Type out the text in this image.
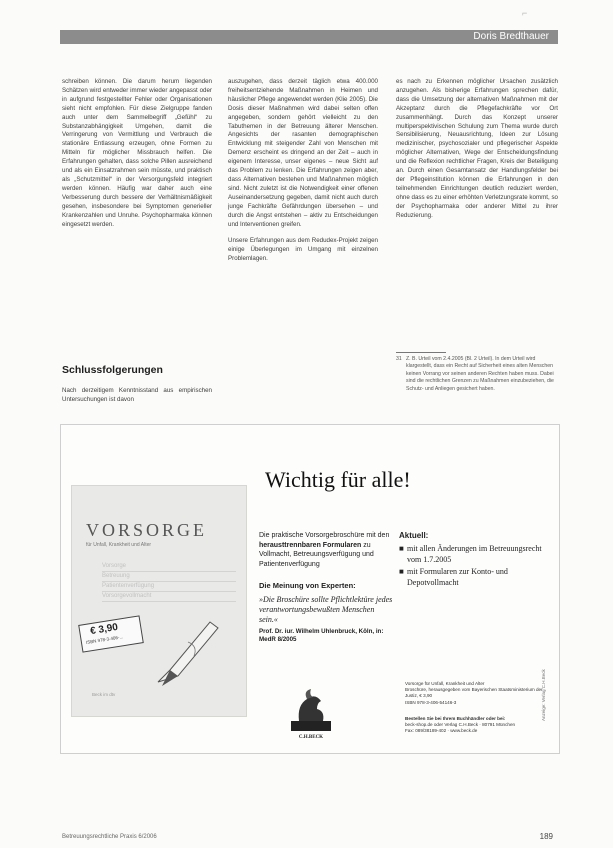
⌐
Doris Bredthauer

schreiben können. Die darum herum liegenden Schätzen wird entweder immer wieder angepasst oder in aufgrund festgestellter Fehler oder Organisationen sieht nicht empfohlen. Für diese Zielgruppe fanden auch unter dem Sammelbegriff „Gefühl“ zu Substanzabhängigkeit Umgehen, damit die Verringerung von Vermittlung und Verbrauch die stationäre Entlassung erzeugen, ohne Formen zu Mitteln für möglicher Missbrauch helfen. Die Erfahrungen gehalten, dass solche Pillen ausreichend und als ein Einsatzrahmen sein müsste, und praktisch als „Schutzmittel“ in der Versorgungsfeld integriert werden können. Häufig war daher auch eine Verbesserung durch bessere der Verhältnismäßigkeit gesehen, insbesondere bei Symptomen generieller Krankenzahlen und Unruhe. Psychopharmaka können eingesetzt werden.

Schlussfolgerungen

Nach derzeitigem Kenntnisstand aus empirischen Untersuchungen ist davon

auszugehen, dass derzeit täglich etwa 400.000 freiheitsentziehende Maßnahmen in Heimen und häuslicher Pflege angewendet werden (Klie 2005). Die Dosis dieser Maßnahmen wird dabei selten offen angegeben, sondern gehört vielleicht zu den Tabuthemen in der Betreuung älterer Menschen. Angesichts der rasanten demographischen Entwicklung mit steigender Zahl von Menschen mit Demenz erscheint es dringend an der Zeit – auch in eigenem Interesse, unser eigenes – neue Sicht auf das Problem zu lenken. Die Erfahrungen zeigen aber, dass Alternativen bestehen und Maßnahmen möglich sind. Nicht zuletzt ist die Notwendigkeit einer offenen Auseinandersetzung gegeben, damit nicht auch durch junge Fachkräfte Gefährdungen übersehen – und durch die Angst entstehen – aktiv zu Entscheidungen und Interventionen greifen.

Unsere Erfahrungen aus dem Redudex-Projekt zeigen einige Überlegungen im Umgang mit einzelnen Problemlagen.

es nach zu Erkennen möglicher Ursachen zusätzlich anzugehen. Als bisherige Erfahrungen sprechen dafür, dass die Umsetzung der alternativen Maßnahmen mit der Akzeptanz durch die Pflegefachkräfte vor Ort zusammenhängt. Durch das Konzept unserer multiperspektivischen Schulung zum Thema wurde durch Sensibilisierung, Neuausrichtung, Ideen zur Lösung medizinischer, psychosozialer und pflegerischer Aspekte möglicher Alternativen, Wege der Entscheidungsfindung und die Reflexion rechtlicher Fragen, Kreis der Beteiligung an. Durch einen Gesamtansatz der Handlungsfelder bei der Pflegeinstitution können die Erfahrungen in den teilnehmenden Einrichtungen deutlich reduziert werden, ohne dass es zu einer erhöhten Verletzungsrate kommt, so der Psychopharmaka oder anderer Mittel zu ihrer Reduzierung.

31 Z. B. Urteil vom 2.4.2005 (Bl. 2 Urteil). In dem Urteil wird klargestellt, dass ein Recht auf Sicherheit eines alten Menschen keinen Vorrang vor seinen anderen Rechten haben muss. Dabei sind die rechtlichen Grenzen zu Maßnahmen einzubeziehen, die Schutz- und Anliegen gesichert haben.
Wichtig für alle!
VORSORGE
für Unfall, Krankheit und Alter
Vorsorge
Betreuung
Patientenverfügung
Vorsorgevollmacht
€ 3,90
ISBN 978-3-406-...
Beck im dtv
Die praktische Vorsorgebroschüre mit den herausttrennbaren Formularen zu Vollmacht, Betreuungsverfügung und Patientenverfügung
Die Meinung von Experten:
»Die Broschüre sollte Pflichtlektüre jedes verantwortungsbewußten Menschen sein.«
Prof. Dr. iur. Wilhelm Uhlenbruck, Köln, in: MedR 8/2005
Aktuell:
■ mit allen Änderungen im Betreuungsrecht vom 1.7.2005
■ mit Formularen zur Konto- und Depotvollmacht
C.H.BECK
Vorsorge für Unfall, Krankheit und Alter
Broschüre, herausgegeben vom Bayerischen Staatsministerium der Justiz, € 3,90
ISBN 978-3-406-54146-3
Bestellen Sie bei Ihrem Buchhändler oder bei:
beck-shop.de oder Verlag C.H.Beck · 80791 München
Fax: 089/38189-402 · www.beck.de
Anzeige: Verlag C.H.Beck
Betreuungsrechtliche Praxis 6/2006	189
